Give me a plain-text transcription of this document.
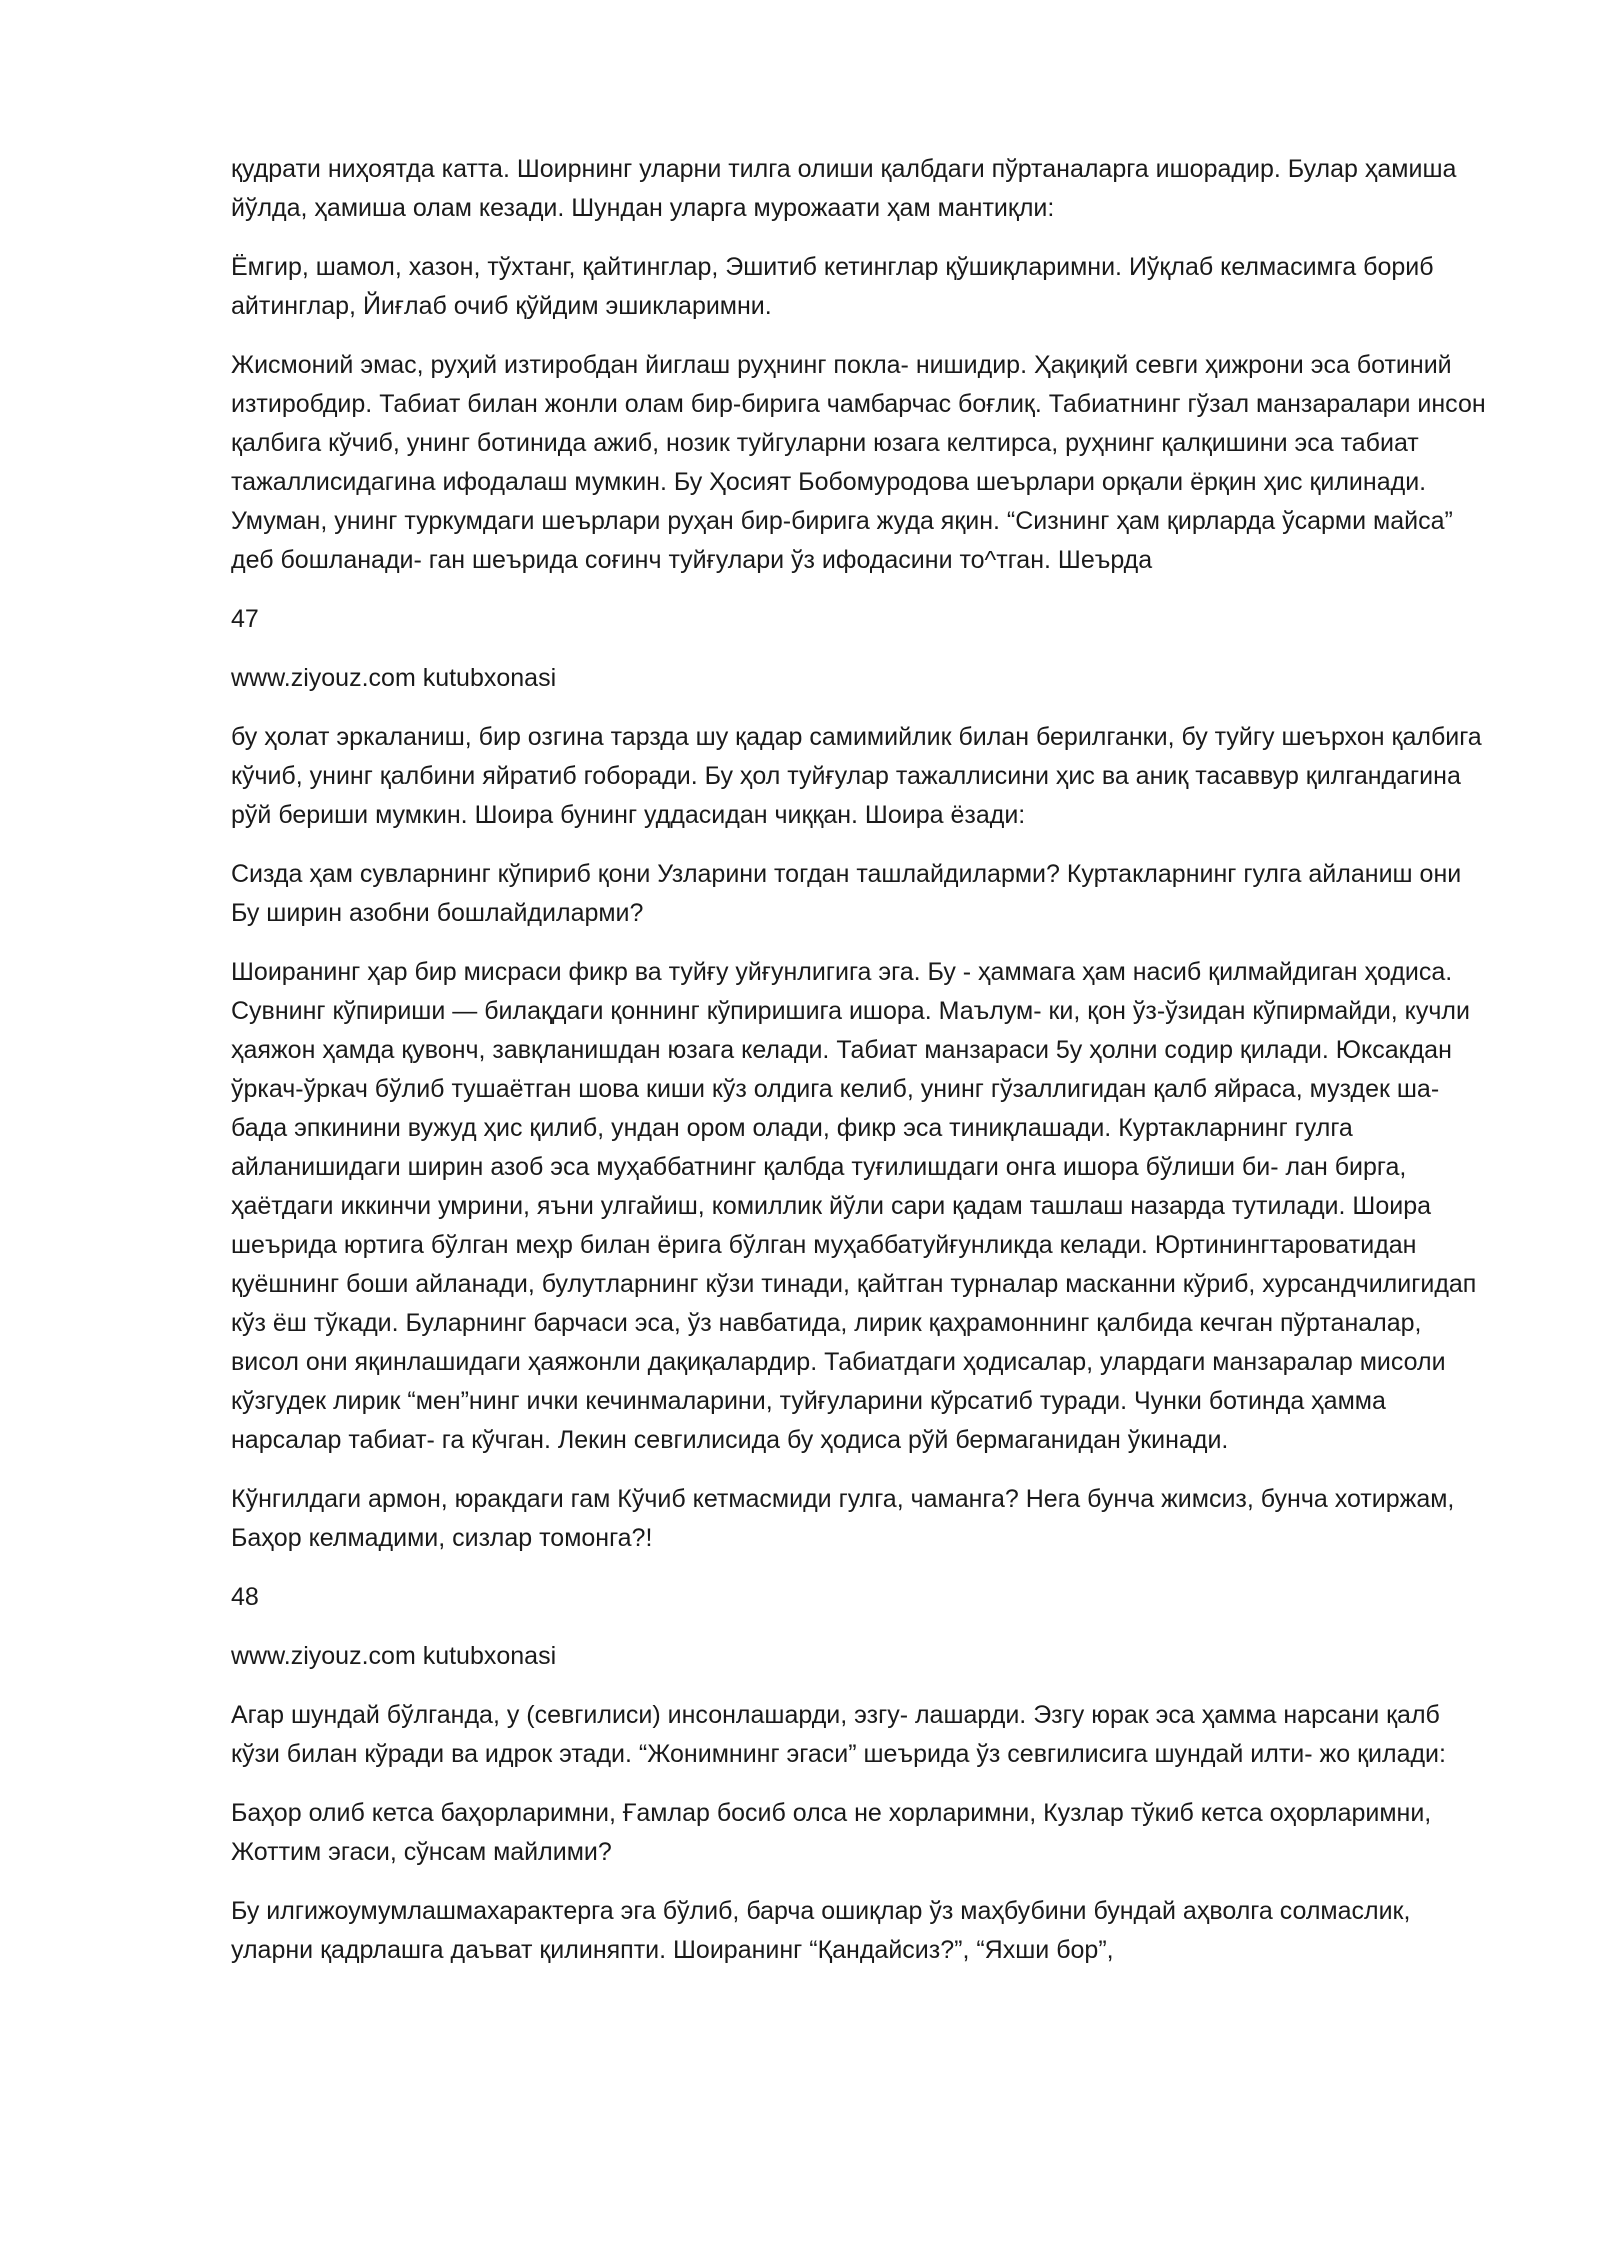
қудрати ниҳоятда катта. Шоирнинг уларни тилга олиши қалбдаги пўртаналарга ишорадир. Булар ҳамиша йўлда, ҳамиша олам кезади. Шундан уларга мурожаати ҳам мантиқли:

Ёмгир, шамол, хазон, тўхтанг, қайтинглар, Эшитиб кетинглар қўшиқларимни. Иўқлаб келмасимга бориб айтинглар, Йиғлаб очиб қўйдим эшикларимни.

Жисмоний эмас, руҳий изтиробдан йиглаш руҳнинг покла- нишидир. Ҳақиқий севги ҳижрони эса ботиний изтиробдир. Табиат билан жонли олам бир-бирига чамбарчас боғлиқ. Табиатнинг гўзал манзаралари инсон қалбига кўчиб, унинг ботинида ажиб, нозик туйгуларни юзага келтирса, руҳнинг қалқишини эса табиат тажаллисидагина ифодалаш мумкин. Бу Ҳосият Бобомуродова шеърлари орқали ёрқин ҳис қилинади. Умуман, унинг туркумдаги шеърлари руҳан бир-бирига жуда яқин. “Сизнинг ҳам қирларда ўсарми майса” деб бошланади- ган шеърида соғинч туйғулари ўз ифодасини то^тган. Шеърда

47

www.ziyouz.com kutubxonasi

бу ҳолат эркаланиш, бир озгина тарзда шу қадар самимийлик билан берилганки, бу туйгу шеърхон қалбига кўчиб, унинг қалбини яйратиб гоборади. Бу ҳол туйғулар тажаллисини ҳис ва аниқ тасаввур қилгандагина рўй бериши мумкин. Шоира бунинг уддасидан чиққан. Шоира ёзади:

Сизда ҳам сувларнинг кўпириб қони Узларини тогдан ташлайдиларми? Куртакларнинг гулга айланиш они Бу ширин азобни бошлайдиларми?

Шоиранинг ҳар бир мисраси фикр ва туйғу уйғунлигига эга. Бу - ҳаммага ҳам насиб қилмайдиган ҳодиса. Сувнинг кўпириши — билақдаги қоннинг кўпиришига ишора. Маълум- ки, қон ўз-ўзидан кўпирмайди, кучли ҳаяжон ҳамда қувонч, завқланишдан юзага келади. Табиат манзараси 5у ҳолни содир қилади. Юксакдан ўркач-ўркач бўлиб тушаётган шова киши кўз олдига келиб, унинг гўзаллигидан қалб яйраса, муздек ша- бада эпкинини вужуд ҳис қилиб, ундан ором олади, фикр эса тиниқлашади. Куртакларнинг гулга айланишидаги ширин азоб эса муҳаббатнинг қалбда туғилишдаги онга ишора бўлиши би- лан бирга, ҳаётдаги иккинчи умрини, яъни улгайиш, комиллик йўли сари қадам ташлаш назарда тутилади. Шоира шеърида юртига бўлган меҳр билан ёрига бўлган муҳаббатуйғунликда келади. Юртинингтароватидан қуёшнинг боши айланади, булутларнинг кўзи тинади, қайтган турналар масканни кўриб, хурсандчилигидап кўз ёш тўкади. Буларнинг барчаси эса, ўз навбатида, лирик қаҳрамоннинг қалбида кечган пўртаналар, висол они яқинлашидаги ҳаяжонли дақиқалардир. Табиатдаги ҳодисалар, улардаги манзаралар мисоли кўзгудек лирик “мен”нинг ички кечинмаларини, туйғуларини кўрсатиб туради. Чунки ботинда ҳамма нарсалар табиат- га кўчган. Лекин севгилисида бу ҳодиса рўй бермаганидан ўкинади.

Кўнгилдаги армон, юракдаги гам Кўчиб кетмасмиди гулга, чаманга? Нега бунча жимсиз, бунча хотиржам, Баҳор келмадими, сизлар томонга?!

48

www.ziyouz.com kutubxonasi

Агар шундай бўлганда, у (севгилиси) инсонлашарди, эзгу- лашарди. Эзгу юрак эса ҳамма нарсани қалб кўзи билан кўради ва идрок этади. “Жонимнинг эгаси” шеърида ўз севгилисига шундай илти- жо қилади:

Баҳор олиб кетса баҳорларимни, Ғамлар босиб олса не хорларимни, Кузлар тўкиб кетса оҳорларимни, Жоттим эгаси, сўнсам майлими?

Бу илгижоумумлашмахарактерга эга бўлиб, барча ошиқлар ўз маҳбубини бундай аҳволга солмаслик, уларни қадрлашга даъват қилиняпти. Шоиранинг “Қандайсиз?”, “Яхши бор”,
